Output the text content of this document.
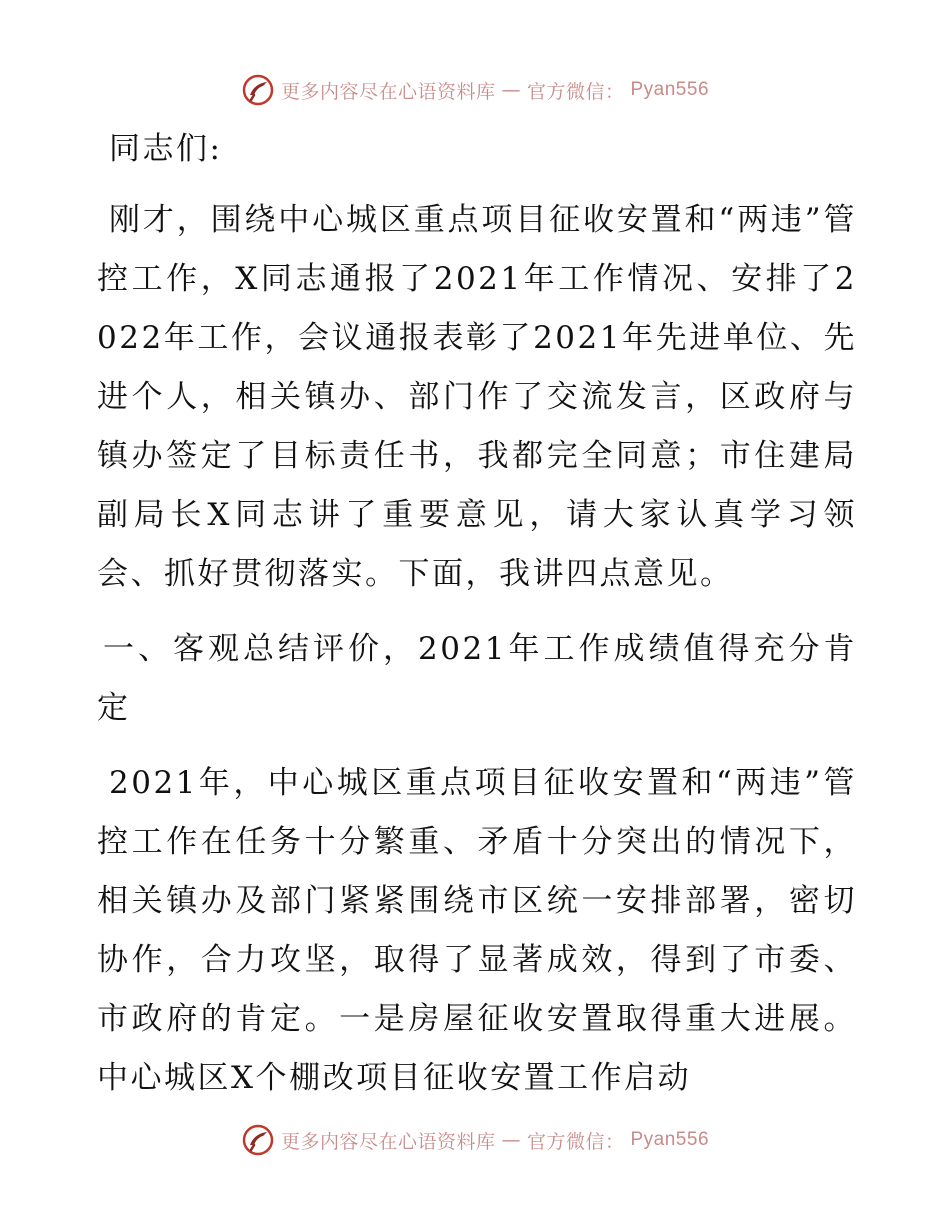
更多内容尽在心语资料库 — 官方微信： Pyan556

同志们:

刚才，围绕中心城区重点项目征收安置和“两违”管控工作，X同志通报了2021年工作情况、安排了2022年工作，会议通报表彰了2021年先进单位、先进个人，相关镇办、部门作了交流发言，区政府与镇办签定了目标责任书，我都完全同意；市住建局副局长X同志讲了重要意见，请大家认真学习领会、抓好贯彻落实。下面，我讲四点意见。

一、客观总结评价，2021年工作成绩值得充分肯定

2021年，中心城区重点项目征收安置和“两违”管控工作在任务十分繁重、矛盾十分突出的情况下，相关镇办及部门紧紧围绕市区统一安排部署，密切协作，合力攻坚，取得了显著成效，得到了市委、市政府的肯定。一是房屋征收安置取得重大进展。中心城区X个棚改项目征收安置工作启动

更多内容尽在心语资料库 — 官方微信： Pyan556
